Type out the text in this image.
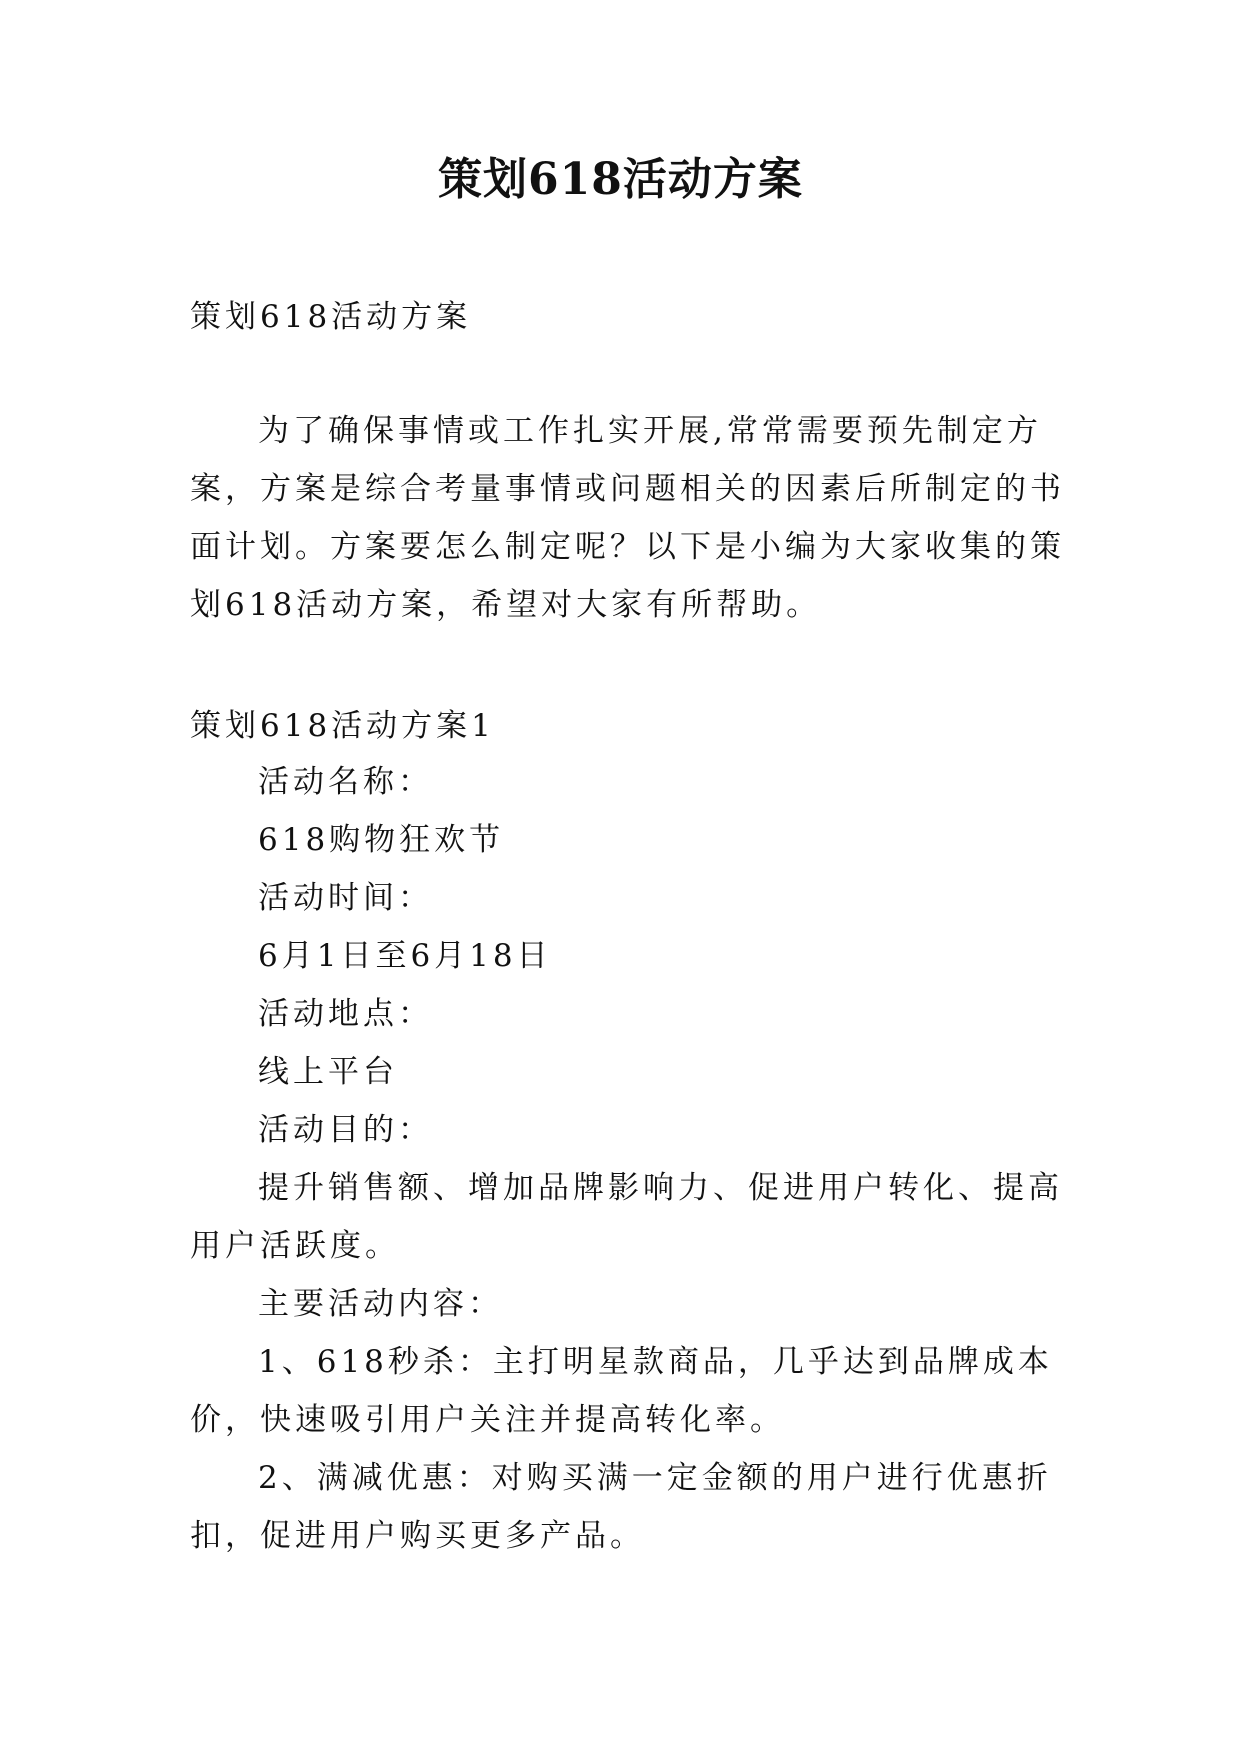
策划618活动方案

策划618活动方案

为了确保事情或工作扎实开展,常常需要预先制定方案，方案是综合考量事情或问题相关的因素后所制定的书面计划。方案要怎么制定呢？以下是小编为大家收集的策划618活动方案，希望对大家有所帮助。

策划618活动方案1

活动名称：

618购物狂欢节

活动时间：

6月1日至6月18日

活动地点：

线上平台

活动目的：

提升销售额、增加品牌影响力、促进用户转化、提高用户活跃度。

主要活动内容：

1、618秒杀：主打明星款商品，几乎达到品牌成本价，快速吸引用户关注并提高转化率。

2、满减优惠：对购买满一定金额的用户进行优惠折扣，促进用户购买更多产品。
